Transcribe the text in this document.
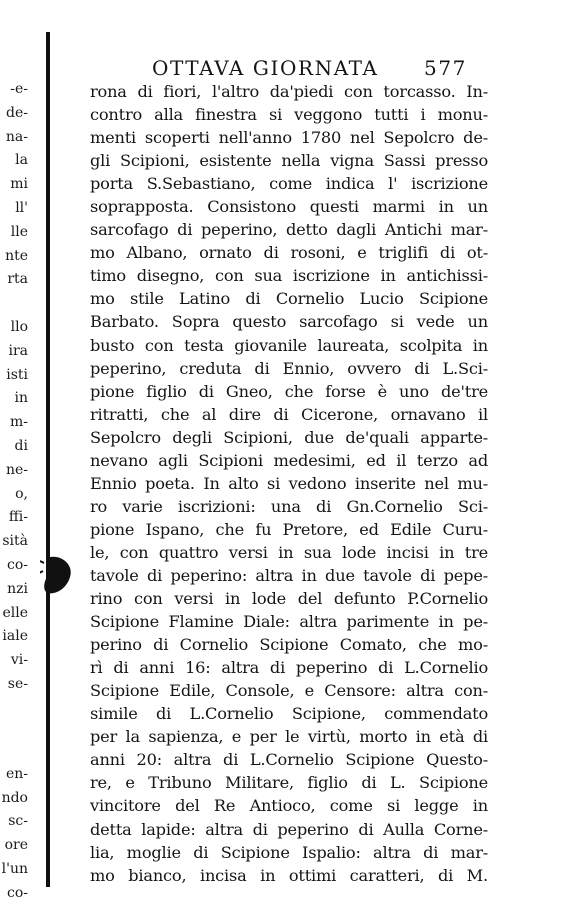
-e-
de-
na-
la
mi
ll'
lle
nte
rta
llo
ira
isti
in
m-
di
ne-
o,
ffi-
sità
co-
nzi
elle
iale
vi-
se-
en-
ndo
sc-
ore
l'un
co-
OTTAVA GIORNATA 577
rona di fiori, l'altro da'piedi con torcasso. In-
contro alla finestra si veggono tutti i monu-
menti scoperti nell'anno 1780 nel Sepolcro de-
gli Scipioni, esistente nella vigna Sassi presso
porta S.Sebastiano, come indica l' iscrizione
soprapposta. Consistono questi marmi in un
sarcofago di peperino, detto dagli Antichi mar-
mo Albano, ornato di rosoni, e triglifi di ot-
timo disegno, con sua iscrizione in antichissi-
mo stile Latino di Cornelio Lucio Scipione
Barbato. Sopra questo sarcofago si vede un
busto con testa giovanile laureata, scolpita in
peperino, creduta di Ennio, ovvero di L.Sci-
pione figlio di Gneo, che forse è uno de'tre
ritratti, che al dire di Cicerone, ornavano il
Sepolcro degli Scipioni, due de'quali apparte-
nevano agli Scipioni medesimi, ed il terzo ad
Ennio poeta. In alto si vedono inserite nel mu-
ro varie iscrizioni: una di Gn.Cornelio Sci-
pione Ispano, che fu Pretore, ed Edile Curu-
le, con quattro versi in sua lode incisi in tre
tavole di peperino: altra in due tavole di pepe-
rino con versi in lode del defunto P.Cornelio
Scipione Flamine Diale: altra parimente in pe-
perino di Cornelio Scipione Comato, che mo-
rì di anni 16: altra di peperino di L.Cornelio
Scipione Edile, Console, e Censore: altra con-
simile di L.Cornelio Scipione, commendato
per la sapienza, e per le virtù, morto in età di
anni 20: altra di L.Cornelio Scipione Questo-
re, e Tribuno Militare, figlio di L. Scipione
vincitore del Re Antioco, come si legge in
detta lapide: altra di peperino di Aulla Corne-
lia, moglie di Scipione Ispalio: altra di mar-
mo bianco, incisa in ottimi caratteri, di M.
